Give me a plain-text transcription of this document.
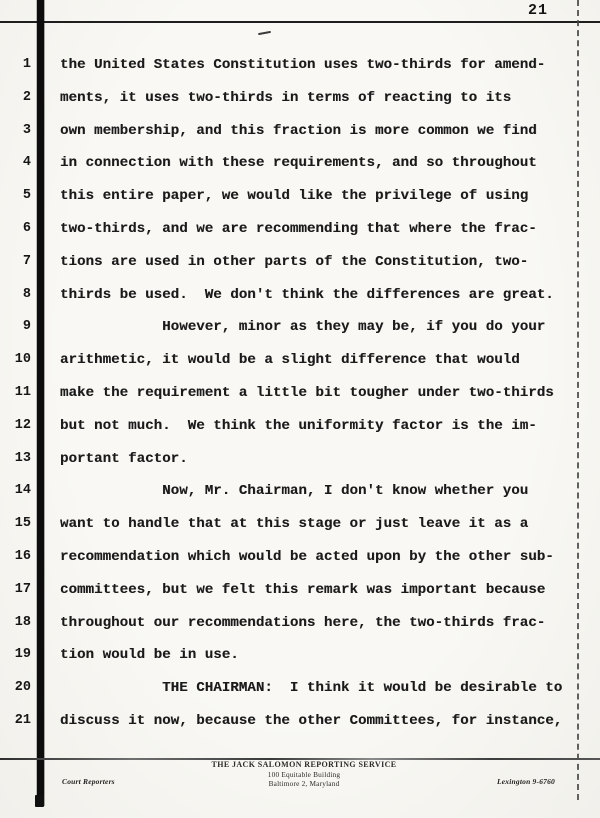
21
1 the United States Constitution uses two-thirds for amend-
2 ments, it uses two-thirds in terms of reacting to its
3 own membership, and this fraction is more common we find
4 in connection with these requirements, and so throughout
5 this entire paper, we would like the privilege of using
6 two-thirds, and we are recommending that where the frac-
7 tions are used in other parts of the Constitution, two-
8 thirds be used.  We don't think the differences are great.
9 However, minor as they may be, if you do your
10 arithmetic, it would be a slight difference that would
11 make the requirement a little bit tougher under two-thirds
12 but not much.  We think the uniformity factor is the im-
13 portant factor.
14 Now, Mr. Chairman, I don't know whether you
15 want to handle that at this stage or just leave it as a
16 recommendation which would be acted upon by the other sub-
17 committees, but we felt this remark was important because
18 throughout our recommendations here, the two-thirds frac-
19 tion would be in use.
20 THE CHAIRMAN:  I think it would be desirable to
21 discuss it now, because the other Committees, for instance,
Court Reporters
THE JACK SALOMON REPORTING SERVICE
100 Equitable Building
Baltimore 2, Maryland	Lexington 9-6760
